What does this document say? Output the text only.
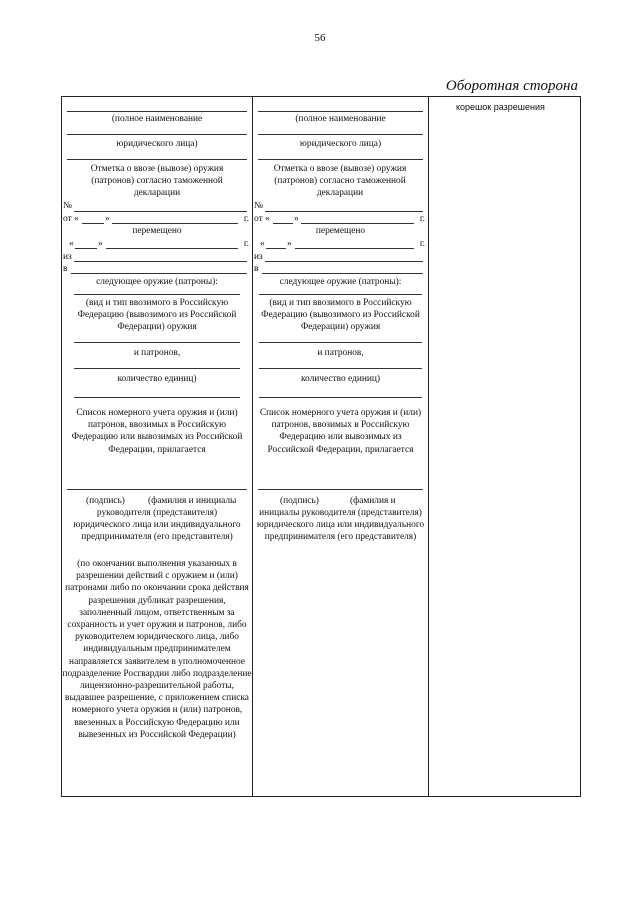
56
Оборотная сторона
(полное наименование
юридического лица)
Отметка о ввозе (вывозе) оружия (патронов) согласно таможенной декларации
№
от «	»	г.
перемещено
«	»	г.
из
в
следующее оружие (патроны):
(вид и тип ввозимого в Российскую Федерацию (вывозимого из Российской Федерации) оружия
и патронов,
количество единиц)
Список номерного учета оружия и (или) патронов, ввозимых в Российскую Федерацию или вывозимых из Российской Федерации, прилагается
(подпись) (фамилия и инициалы
руководителя (представителя) юридического лица или индивидуального предпринимателя (его представителя)
(по окончании выполнения указанных в разрешении действий с оружием и (или) патронами либо по окончании срока действия разрешения дубликат разрешения, заполненный лицом, ответственным за сохранность и учет оружия и патронов, либо руководителем юридического лица, либо индивидуальным предпринимателем направляется заявителем в уполномоченное подразделение Росгвардии либо подразделение лицензионно-разрешительной работы, выдавшее разрешение, с приложением списка номерного учета оружия и (или) патронов, ввезенных в Российскую Федерацию или вывезенных из Российской Федерации)
(полное наименование
юридического лица)
Отметка о ввозе (вывозе) оружия (патронов) согласно таможенной декларации
№
от «	»	г.
перемещено
« »	г.
из
в
следующее оружие (патроны):
(вид и тип ввозимого в Российскую Федерацию (вывозимого из Российской Федерации) оружия
и патронов,
количество единиц)
Список номерного учета оружия и (или) патронов, ввозимых в Российскую Федерацию или вывозимых из Российской Федерации, прилагается
(подпись)	(фамилия и
инициалы руководителя (представителя) юридического лица или индивидуального предпринимателя (его представителя)
корешок разрешения
